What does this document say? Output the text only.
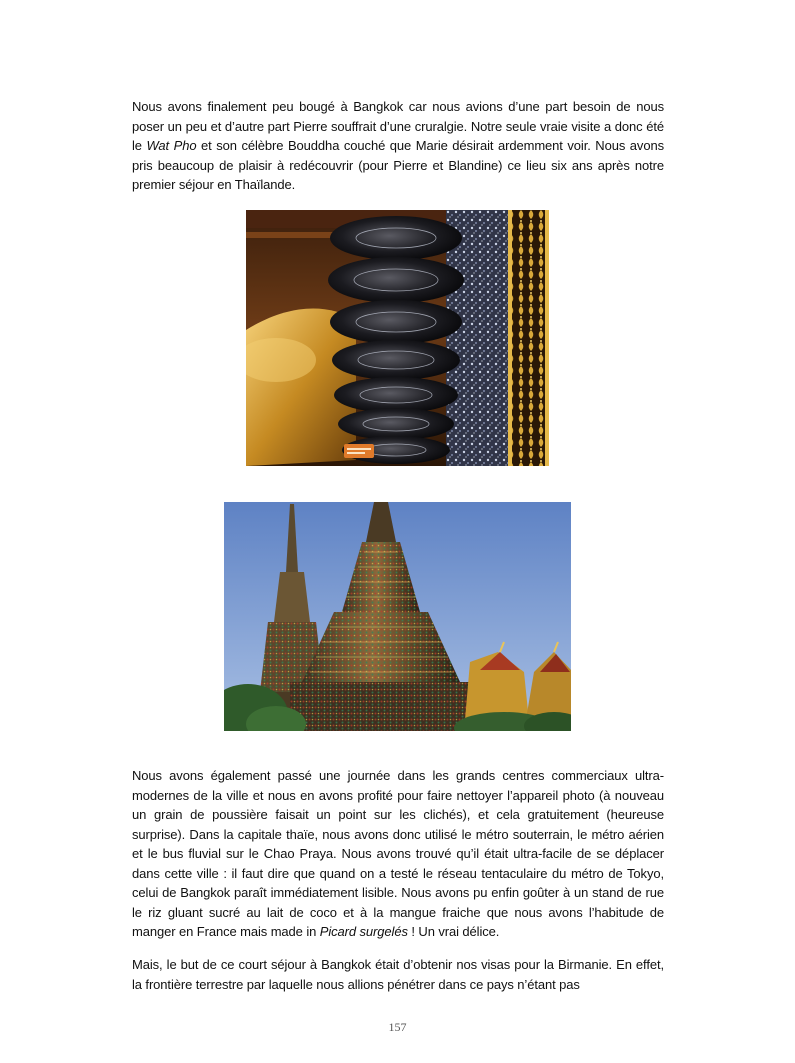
Nous avons finalement peu bougé à Bangkok car nous avions d’une part besoin de nous poser un peu et d’autre part Pierre souffrait d’une cruralgie. Notre seule vraie visite a donc été le Wat Pho et son célèbre Bouddha couché que Marie désirait ardemment voir. Nous avons pris beaucoup de plaisir à redécouvrir (pour Pierre et Blandine) ce lieu six ans après notre premier séjour en Thaïlande.

Nous avons également passé une journée dans les grands centres commerciaux ultra-modernes de la ville et nous en avons profité pour faire nettoyer l’appareil photo (à nouveau un grain de poussière faisait un point sur les clichés), et cela gratuitement (heureuse surprise). Dans la capitale thaïe, nous avons donc utilisé le métro souterrain, le métro aérien et le bus fluvial sur le Chao Praya. Nous avons trouvé qu’il était ultra-facile de se déplacer dans cette ville : il faut dire que quand on a testé le réseau tentaculaire du métro de Tokyo, celui de Bangkok paraît immédiatement lisible. Nous avons pu enfin goûter à un stand de rue le riz gluant sucré au lait de coco et à la mangue fraiche que nous avons l’habitude de manger en France mais made in Picard surgelés ! Un vrai délice.

Mais, le but de ce court séjour à Bangkok était d’obtenir nos visas pour la Birmanie. En effet, la frontière terrestre par laquelle nous allions pénétrer dans ce pays n’étant pas

157
